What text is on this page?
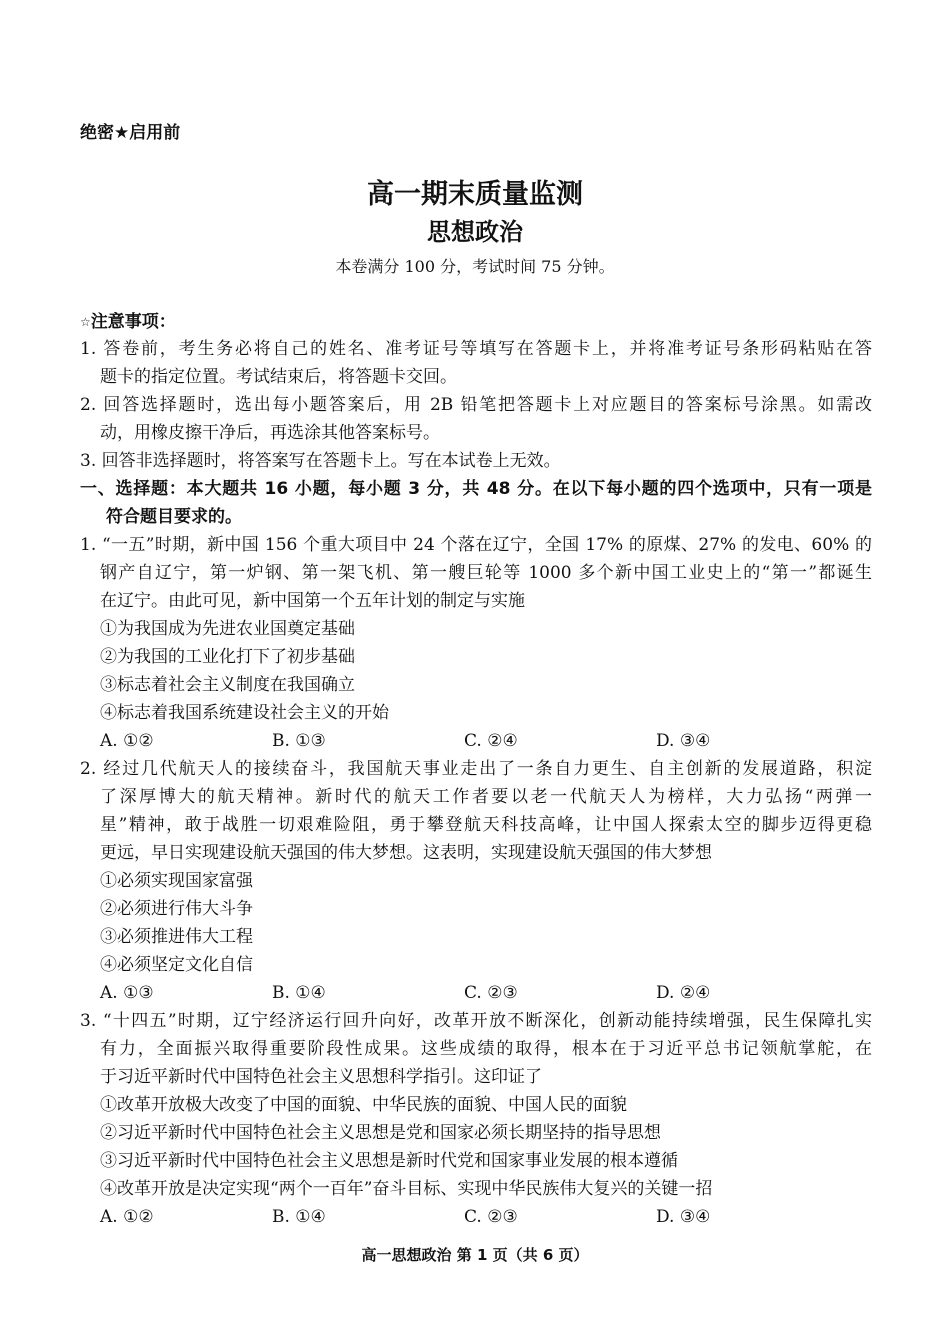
绝密★启用前
高一期末质量监测
思想政治
本卷满分 100 分，考试时间 75 分钟。
☆注意事项：
1. 答卷前，考生务必将自己的姓名、准考证号等填写在答题卡上，并将准考证号条形码粘贴在答
题卡的指定位置。考试结束后，将答题卡交回。
2. 回答选择题时，选出每小题答案后，用 2B 铅笔把答题卡上对应题目的答案标号涂黑。如需改
动，用橡皮擦干净后，再选涂其他答案标号。
3. 回答非选择题时，将答案写在答题卡上。写在本试卷上无效。
一、选择题：本大题共 16 小题，每小题 3 分，共 48 分。在以下每小题的四个选项中，只有一项是
符合题目要求的。
1. “一五”时期，新中国 156 个重大项目中 24 个落在辽宁，全国 17% 的原煤、27% 的发电、60% 的
钢产自辽宁，第一炉钢、第一架飞机、第一艘巨轮等 1000 多个新中国工业史上的“第一”都诞生
在辽宁。由此可见，新中国第一个五年计划的制定与实施
①为我国成为先进农业国奠定基础
②为我国的工业化打下了初步基础
③标志着社会主义制度在我国确立
④标志着我国系统建设社会主义的开始
A. ①②	B. ①③	C. ②④	D. ③④
2. 经过几代航天人的接续奋斗，我国航天事业走出了一条自力更生、自主创新的发展道路，积淀
了深厚博大的航天精神。新时代的航天工作者要以老一代航天人为榜样，大力弘扬“两弹一
星”精神，敢于战胜一切艰难险阻，勇于攀登航天科技高峰，让中国人探索太空的脚步迈得更稳
更远，早日实现建设航天强国的伟大梦想。这表明，实现建设航天强国的伟大梦想
①必须实现国家富强
②必须进行伟大斗争
③必须推进伟大工程
④必须坚定文化自信
A. ①③	B. ①④	C. ②③	D. ②④
3. “十四五”时期，辽宁经济运行回升向好，改革开放不断深化，创新动能持续增强，民生保障扎实
有力，全面振兴取得重要阶段性成果。这些成绩的取得，根本在于习近平总书记领航掌舵，在
于习近平新时代中国特色社会主义思想科学指引。这印证了
①改革开放极大改变了中国的面貌、中华民族的面貌、中国人民的面貌
②习近平新时代中国特色社会主义思想是党和国家必须长期坚持的指导思想
③习近平新时代中国特色社会主义思想是新时代党和国家事业发展的根本遵循
④改革开放是决定实现“两个一百年”奋斗目标、实现中华民族伟大复兴的关键一招
A. ①②	B. ①④	C. ②③	D. ③④
高一思想政治 第 1 页（共 6 页）
